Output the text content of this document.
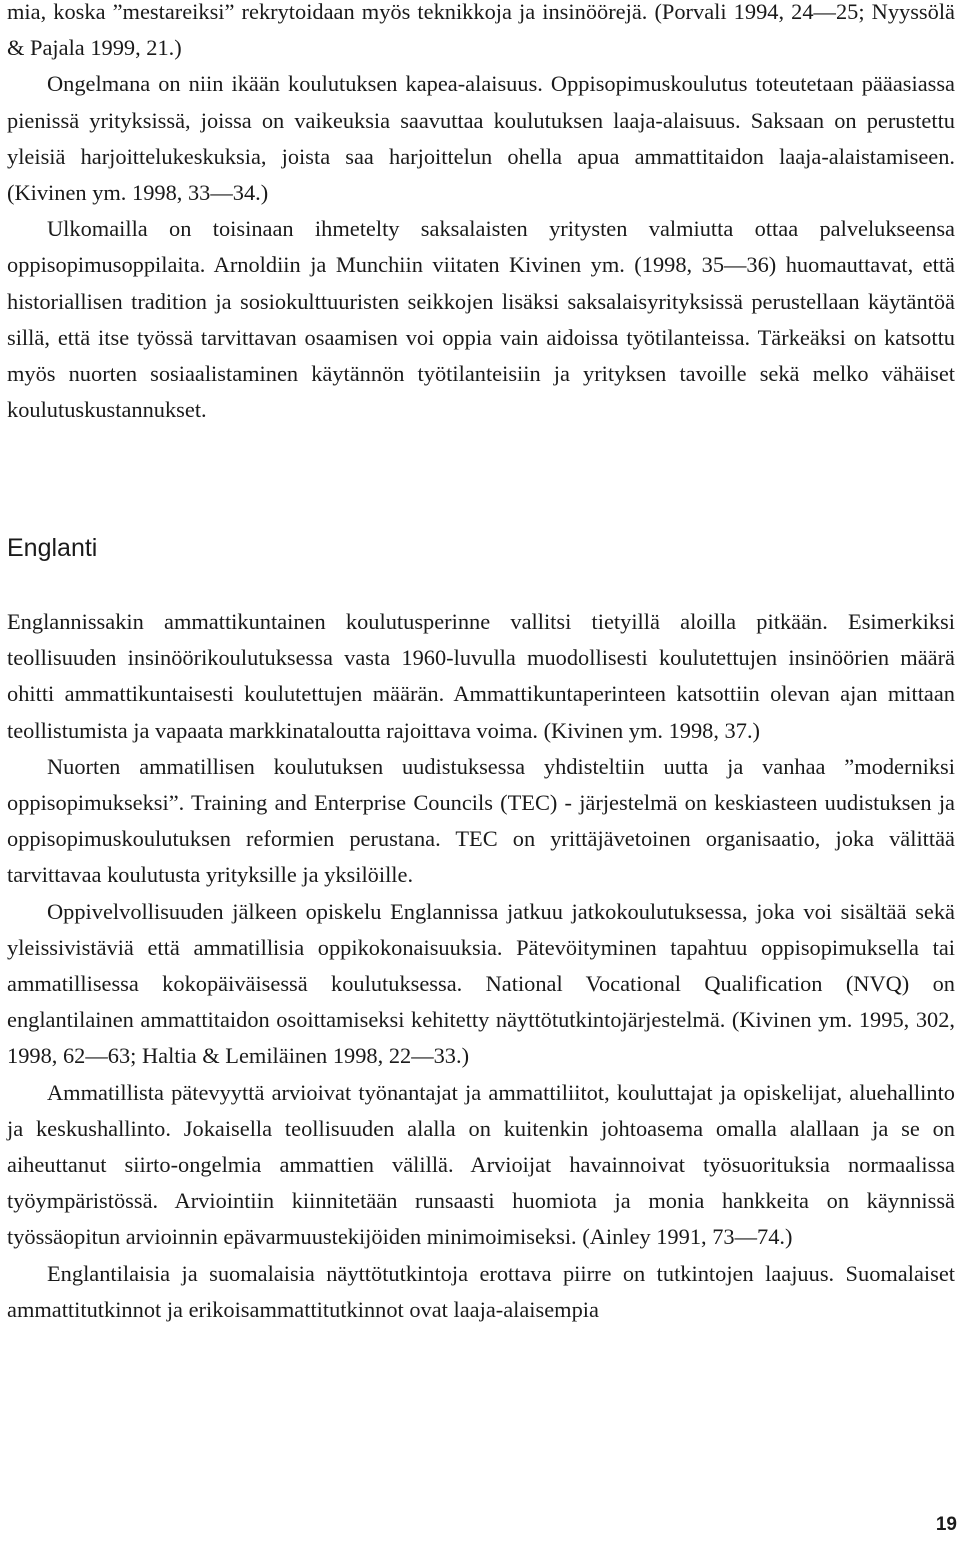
mia, koska ”mestareiksi” rekrytoidaan myös teknikkoja ja insinöörejä. (Porvali 1994, 24—25; Nyyssölä & Pajala 1999, 21.)

Ongelmana on niin ikään koulutuksen kapea-alaisuus. Oppisopimuskoulutus toteutetaan pääasiassa pienissä yrityksissä, joissa on vaikeuksia saavuttaa koulutuksen laaja-alaisuus. Saksaan on perustettu yleisiä harjoittelukeskuksia, joista saa harjoittelun ohella apua ammattitaidon laaja-alaistamiseen. (Kivinen ym. 1998, 33—34.)

Ulkomailla on toisinaan ihmetelty saksalaisten yritysten valmiutta ottaa palvelukseensa oppisopimusoppilaita. Arnoldiin ja Munchiin viitaten Kivinen ym. (1998, 35—36) huomauttavat, että historiallisen tradition ja sosiokulttuuristen seikkojen lisäksi saksalaisyrityksissä perustellaan käytäntöä sillä, että itse työssä tarvittavan osaamisen voi oppia vain aidoissa työtilanteissa. Tärkeäksi on katsottu myös nuorten sosiaalistaminen käytännön työtilanteisiin ja yrityksen tavoille sekä melko vähäiset koulutuskustannukset.

Englanti

Englannissakin ammattikuntainen koulutusperinne vallitsi tietyillä aloilla pitkään. Esimerkiksi teollisuuden insinöörikoulutuksessa vasta 1960-luvulla muodollisesti koulutettujen insinöörien määrä ohitti ammattikuntaisesti koulutettujen määrän. Ammattikuntaperinteen katsottiin olevan ajan mittaan teollistumista ja vapaata markkinataloutta rajoittava voima. (Kivinen ym. 1998, 37.)

Nuorten ammatillisen koulutuksen uudistuksessa yhdisteltiin uutta ja vanhaa ”moderniksi oppisopimukseksi”. Training and Enterprise Councils (TEC) - järjestelmä on keskiasteen uudistuksen ja oppisopimuskoulutuksen reformien perustana. TEC on yrittäjävetoinen organisaatio, joka välittää tarvittavaa koulutusta yrityksille ja yksilöille.

Oppivelvollisuuden jälkeen opiskelu Englannissa jatkuu jatkokoulutuksessa, joka voi sisältää sekä yleissivistäviä että ammatillisia oppikokonaisuuksia. Pätevöityminen tapahtuu oppisopimuksella tai ammatillisessa kokopäiväisessä koulutuksessa. National Vocational Qualification (NVQ) on englantilainen ammattitaidon osoittamiseksi kehitetty näyttötutkintojärjestelmä. (Kivinen ym. 1995, 302, 1998, 62—63; Haltia & Lemiläinen 1998, 22—33.)

Ammatillista pätevyyttä arvioivat työnantajat ja ammattiliitot, kouluttajat ja opiskelijat, aluehallinto ja keskushallinto. Jokaisella teollisuuden alalla on kuitenkin johtoasema omalla alallaan ja se on aiheuttanut siirto-ongelmia ammattien välillä. Arvioijat havainnoivat työsuorituksia normaalissa työympäristössä. Arviointiin kiinnitetään runsaasti huomiota ja monia hankkeita on käynnissä työssäopitun arvioinnin epävarmuustekijöiden minimoimiseksi. (Ainley 1991, 73—74.)

Englantilaisia ja suomalaisia näyttötutkintoja erottava piirre on tutkintojen laajuus. Suomalaiset ammattitutkinnot ja erikoisammattitutkinnot ovat laaja-alaisempia

19
